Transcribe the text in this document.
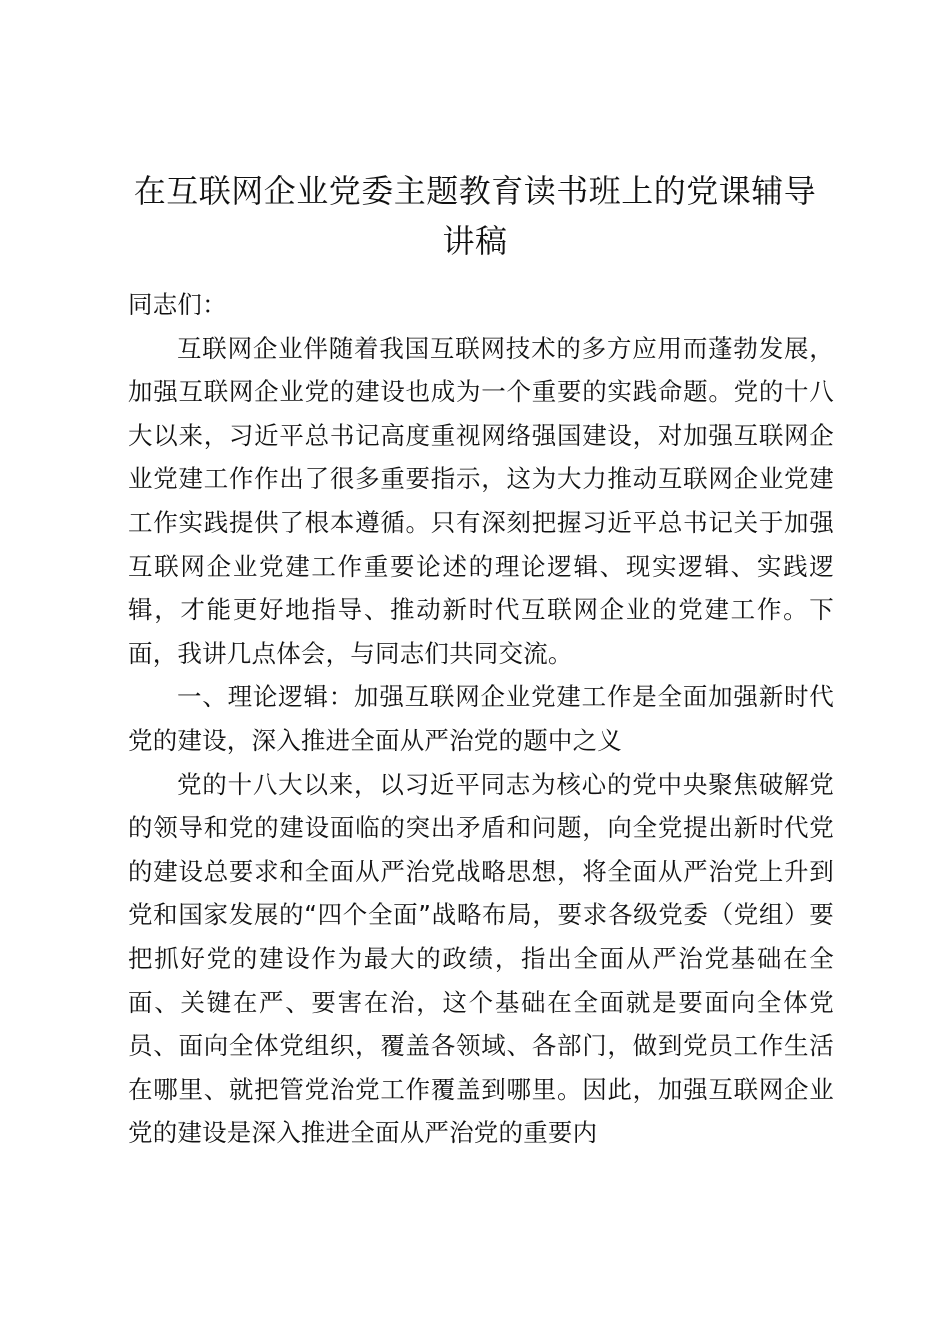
在互联网企业党委主题教育读书班上的党课辅导讲稿

同志们：

互联网企业伴随着我国互联网技术的多方应用而蓬勃发展，加强互联网企业党的建设也成为一个重要的实践命题。党的十八大以来，习近平总书记高度重视网络强国建设，对加强互联网企业党建工作作出了很多重要指示，这为大力推动互联网企业党建工作实践提供了根本遵循。只有深刻把握习近平总书记关于加强互联网企业党建工作重要论述的理论逻辑、现实逻辑、实践逻辑，才能更好地指导、推动新时代互联网企业的党建工作。下面，我讲几点体会，与同志们共同交流。

一、理论逻辑：加强互联网企业党建工作是全面加强新时代党的建设，深入推进全面从严治党的题中之义

党的十八大以来，以习近平同志为核心的党中央聚焦破解党的领导和党的建设面临的突出矛盾和问题，向全党提出新时代党的建设总要求和全面从严治党战略思想，将全面从严治党上升到党和国家发展的“四个全面”战略布局，要求各级党委（党组）要把抓好党的建设作为最大的政绩，指出全面从严治党基础在全面、关键在严、要害在治，这个基础在全面就是要面向全体党员、面向全体党组织，覆盖各领域、各部门，做到党员工作生活在哪里、就把管党治党工作覆盖到哪里。因此，加强互联网企业党的建设是深入推进全面从严治党的重要内
